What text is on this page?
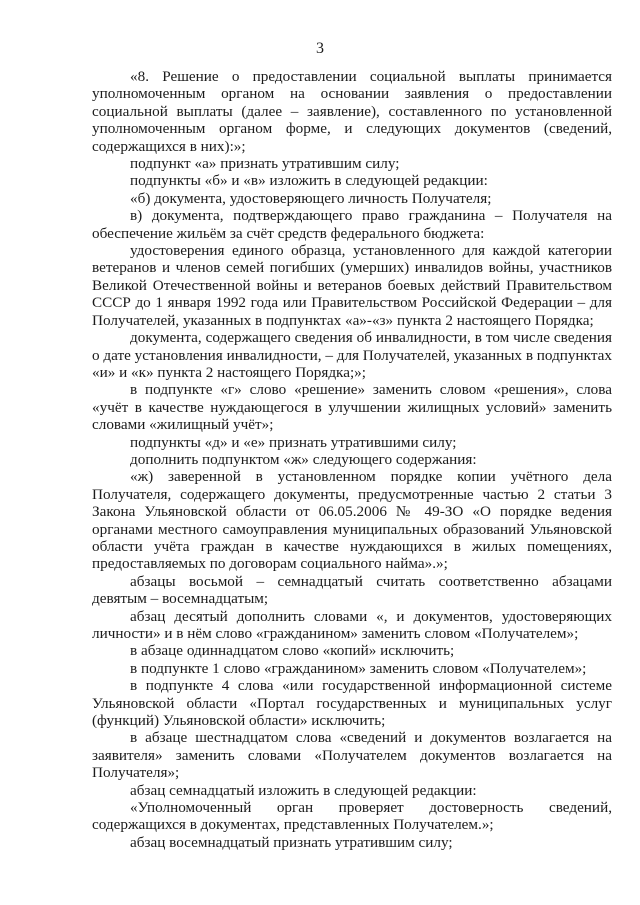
3

«8. Решение о предоставлении социальной выплаты принимается уполномоченным органом на основании заявления о предоставлении социальной выплаты (далее – заявление), составленного по установленной уполномоченным органом форме, и следующих документов (сведений, содержащихся в них):»;

подпункт «а» признать утратившим силу;

подпункты «б» и «в» изложить в следующей редакции:

«б) документа, удостоверяющего личность Получателя;

в) документа, подтверждающего право гражданина – Получателя на обеспечение жильём за счёт средств федерального бюджета:

удостоверения единого образца, установленного для каждой категории ветеранов и членов семей погибших (умерших) инвалидов войны, участников Великой Отечественной войны и ветеранов боевых действий Правительством СССР до 1 января 1992 года или Правительством Российской Федерации – для Получателей, указанных в подпунктах «а»-«з» пункта 2 настоящего Порядка;

документа, содержащего сведения об инвалидности, в том числе сведения о дате установления инвалидности, – для Получателей, указанных в подпунктах «и» и «к» пункта 2 настоящего Порядка;»;

в подпункте «г» слово «решение» заменить словом «решения», слова «учёт в качестве нуждающегося в улучшении жилищных условий» заменить словами «жилищный учёт»;

подпункты «д» и «е» признать утратившими силу;

дополнить подпунктом «ж» следующего содержания:

«ж) заверенной в установленном порядке копии учётного дела Получателя, содержащего документы, предусмотренные частью 2 статьи 3 Закона Ульяновской области от 06.05.2006 № 49-ЗО «О порядке ведения органами местного самоуправления муниципальных образований Ульяновской области учёта граждан в качестве нуждающихся в жилых помещениях, предоставляемых по договорам социального найма».»;

абзацы восьмой – семнадцатый считать соответственно абзацами девятым – восемнадцатым;

абзац десятый дополнить словами «, и документов, удостоверяющих личности» и в нём слово «гражданином» заменить словом «Получателем»;

в абзаце одиннадцатом слово «копий» исключить;

в подпункте 1 слово «гражданином» заменить словом «Получателем»;

в подпункте 4 слова «или государственной информационной системе Ульяновской области «Портал государственных и муниципальных услуг (функций) Ульяновской области» исключить;

в абзаце шестнадцатом слова «сведений и документов возлагается на заявителя» заменить словами «Получателем документов возлагается на Получателя»;

абзац семнадцатый изложить в следующей редакции:

«Уполномоченный орган проверяет достоверность сведений, содержащихся в документах, представленных Получателем.»;

абзац восемнадцатый признать утратившим силу;
